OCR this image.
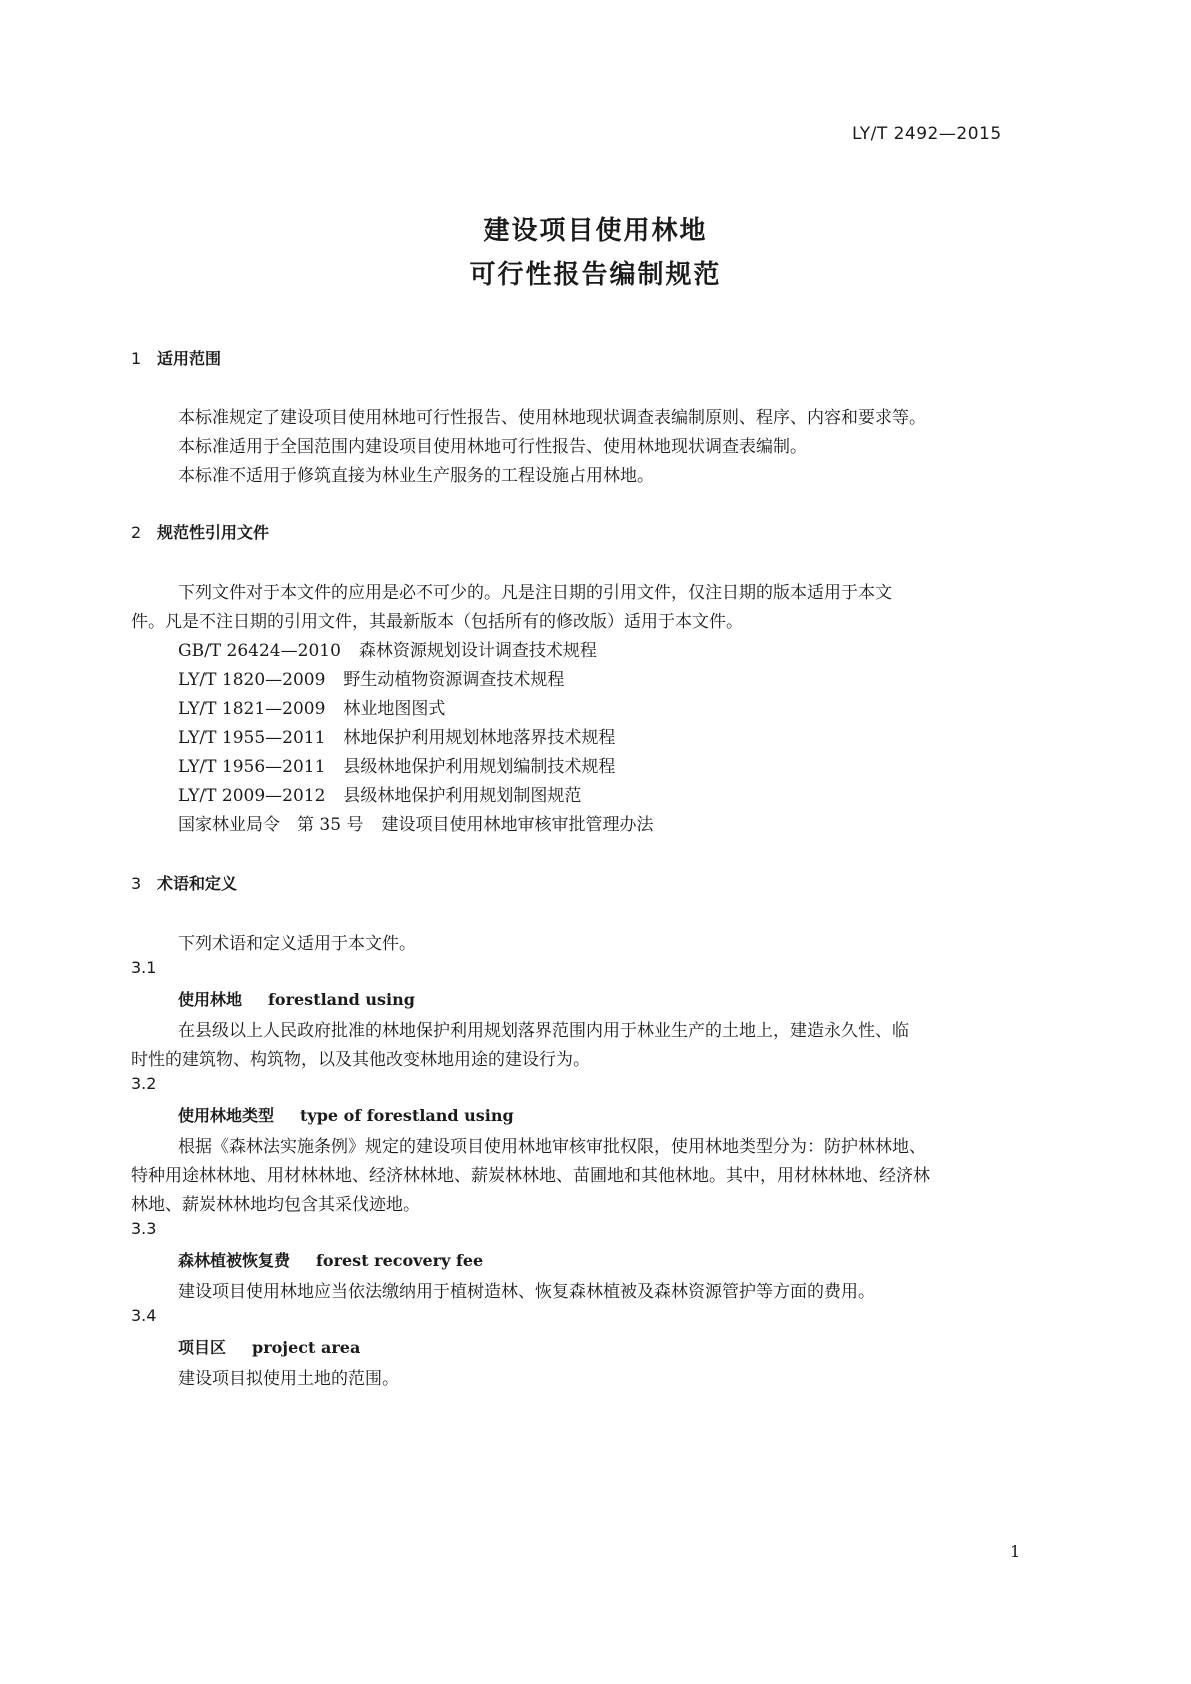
LY/T 2492—2015
建设项目使用林地
可行性报告编制规范
1 适用范围
本标准规定了建设项目使用林地可行性报告、使用林地现状调查表编制原则、程序、内容和要求等。
本标准适用于全国范围内建设项目使用林地可行性报告、使用林地现状调查表编制。
本标准不适用于修筑直接为林业生产服务的工程设施占用林地。
2 规范性引用文件
下列文件对于本文件的应用是必不可少的。凡是注日期的引用文件，仅注日期的版本适用于本文
件。凡是不注日期的引用文件，其最新版本（包括所有的修改版）适用于本文件。
GB/T 26424—2010 森林资源规划设计调查技术规程
LY/T 1820—2009 野生动植物资源调查技术规程
LY/T 1821—2009 林业地图图式
LY/T 1955—2011 林地保护利用规划林地落界技术规程
LY/T 1956—2011 县级林地保护利用规划编制技术规程
LY/T 2009—2012 县级林地保护利用规划制图规范
国家林业局令　第 35 号 建设项目使用林地审核审批管理办法
3 术语和定义
下列术语和定义适用于本文件。
3.1
使用林地 forestland using
在县级以上人民政府批准的林地保护利用规划落界范围内用于林业生产的土地上，建造永久性、临
时性的建筑物、构筑物，以及其他改变林地用途的建设行为。
3.2
使用林地类型 type of forestland using
根据《森林法实施条例》规定的建设项目使用林地审核审批权限，使用林地类型分为：防护林林地、
特种用途林林地、用材林林地、经济林林地、薪炭林林地、苗圃地和其他林地。其中，用材林林地、经济林
林地、薪炭林林地均包含其采伐迹地。
3.3
森林植被恢复费 forest recovery fee
建设项目使用林地应当依法缴纳用于植树造林、恢复森林植被及森林资源管护等方面的费用。
3.4
项目区 project area
建设项目拟使用土地的范围。
1
